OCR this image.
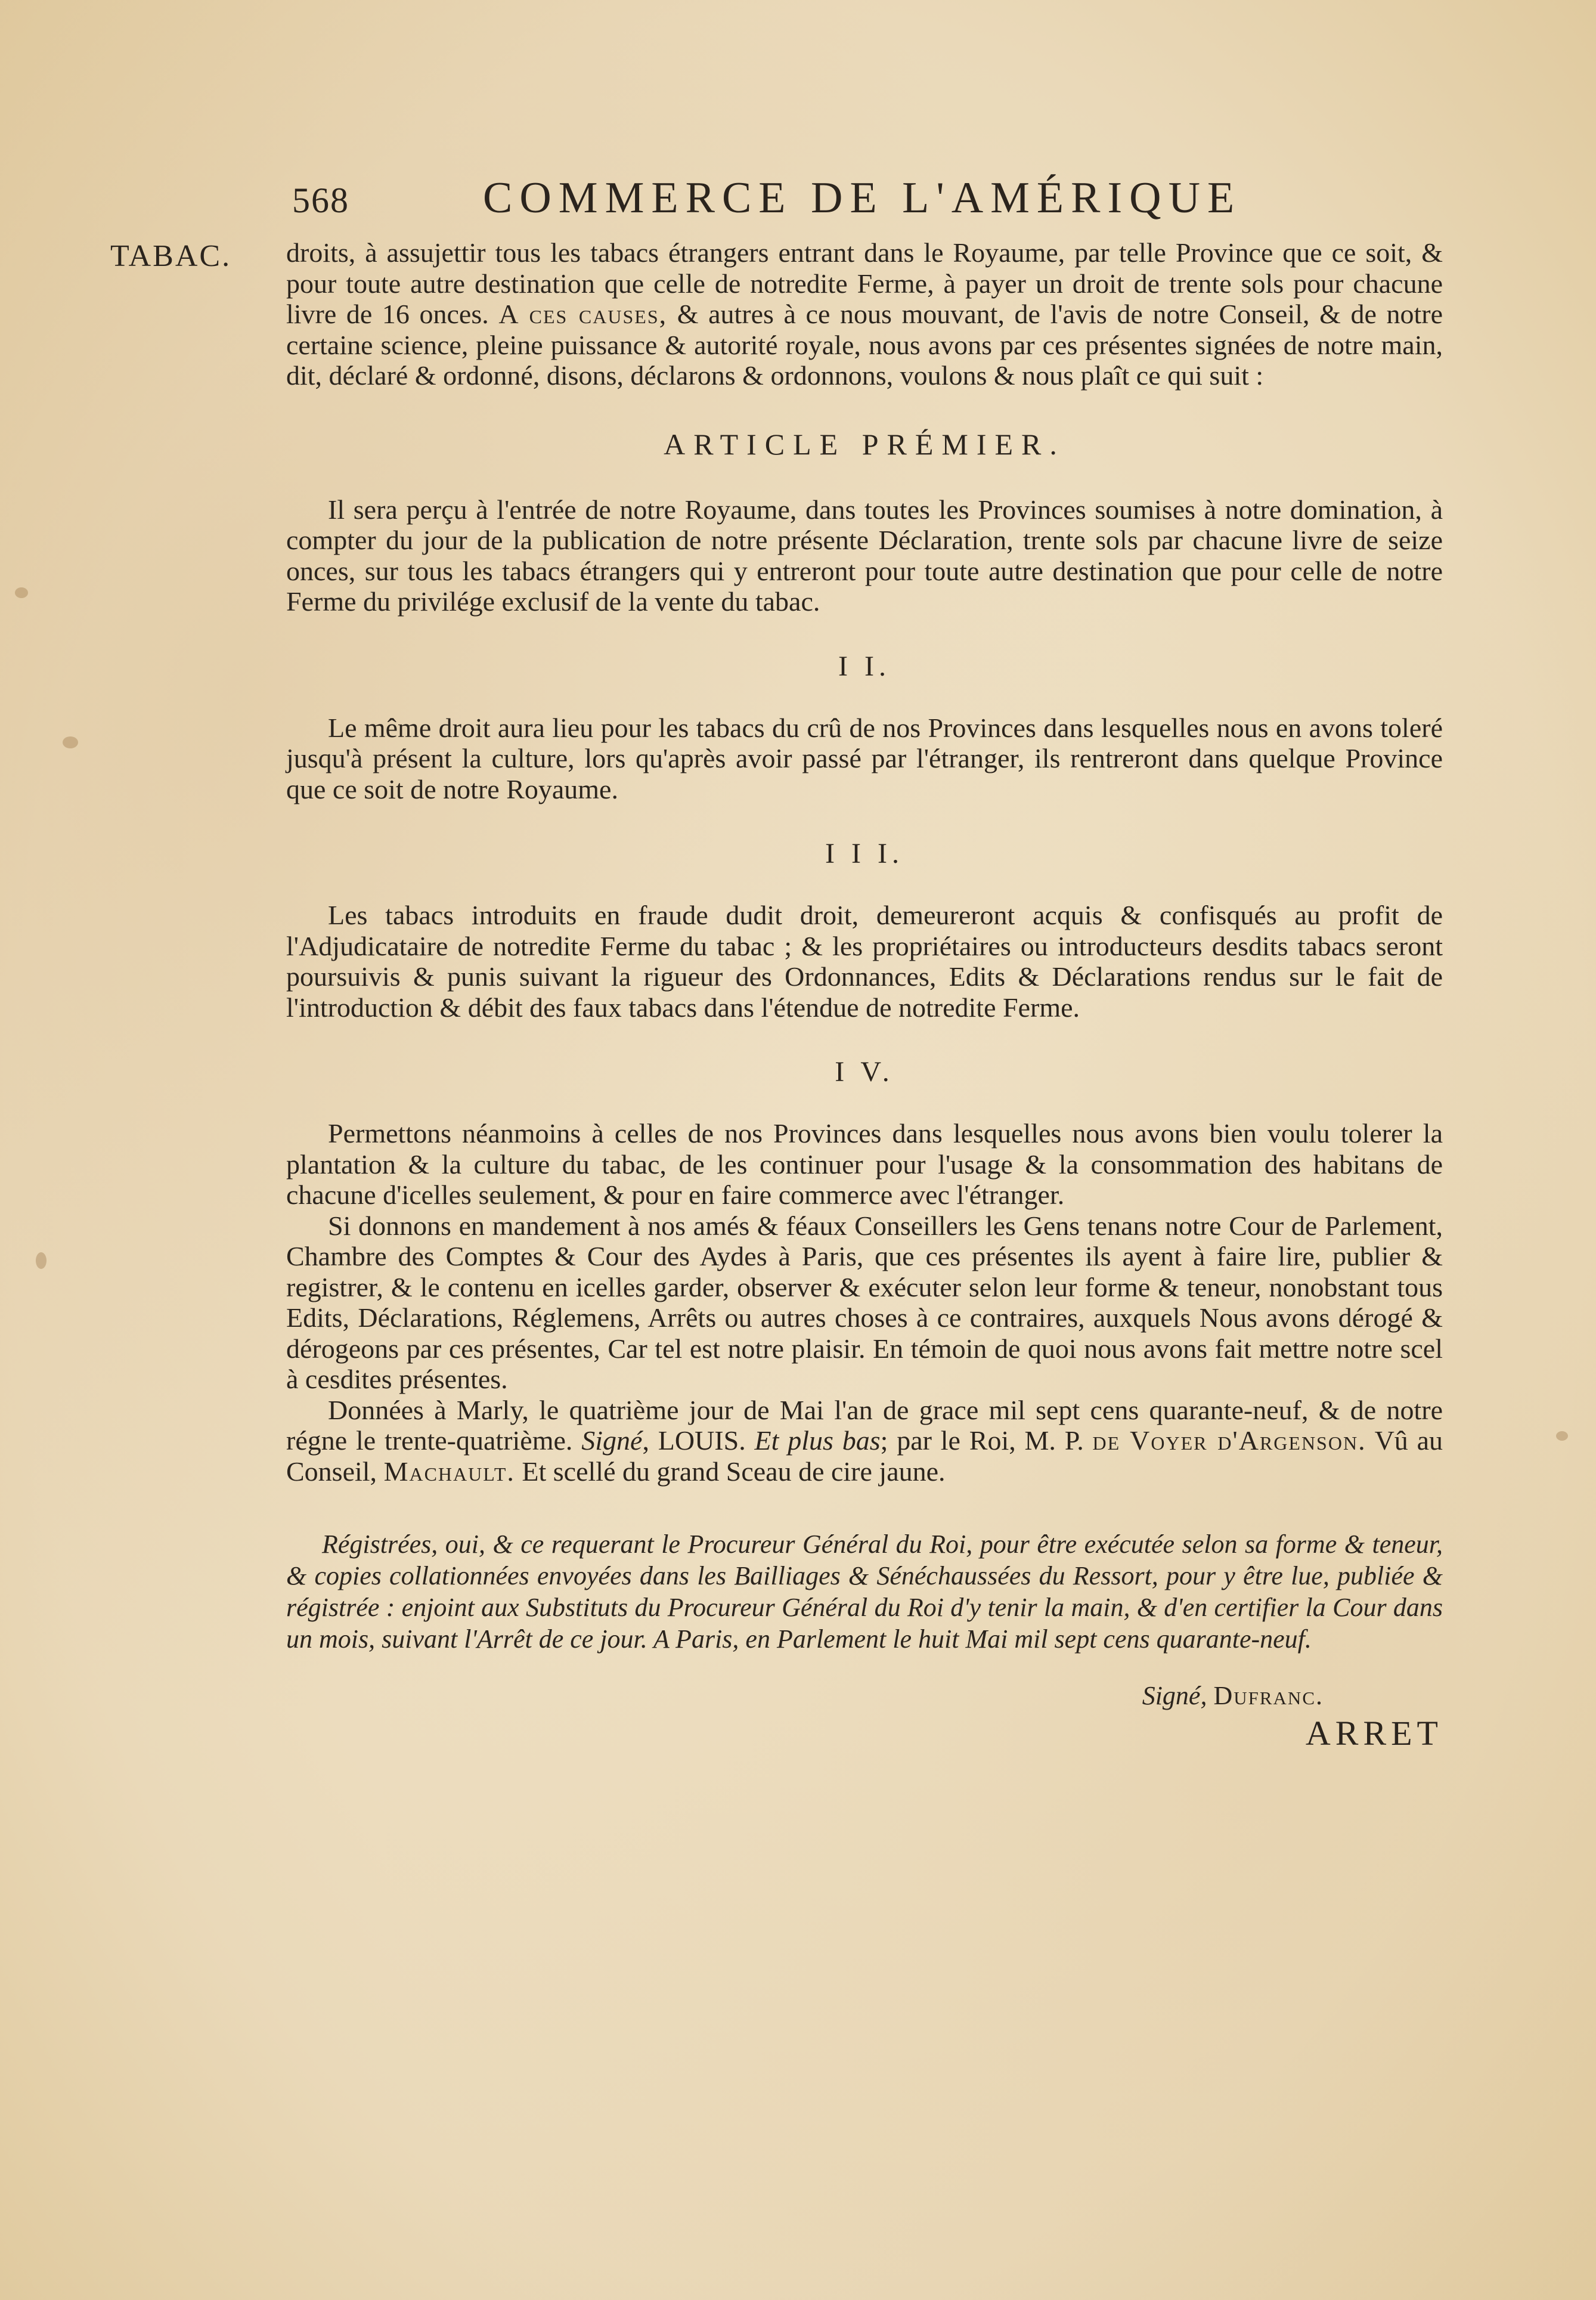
568	COMMERCE DE L'AMÉRIQUE
TABAC. droits, à assujettir tous les tabacs étrangers entrant dans le Royaume, par telle Province que ce soit, & pour toute autre destination que celle de notredite Ferme, à payer un droit de trente sols pour chacune livre de 16 onces. A ces causes, & autres à ce nous mouvant, de l'avis de notre Conseil, & de notre certaine science, pleine puissance & autorité royale, nous avons par ces présentes signées de notre main, dit, déclaré & ordonné, disons, déclarons & ordonnons, voulons & nous plaît ce qui suit :

ARTICLE PRÉMIER.

Il sera perçu à l'entrée de notre Royaume, dans toutes les Provinces soumises à notre domination, à compter du jour de la publication de notre présente Déclaration, trente sols par chacune livre de seize onces, sur tous les tabacs étrangers qui y entreront pour toute autre destination que pour celle de notre Ferme du privilége exclusif de la vente du tabac.

I I.

Le même droit aura lieu pour les tabacs du crû de nos Provinces dans lesquelles nous en avons toleré jusqu'à présent la culture, lors qu'après avoir passé par l'étranger, ils rentreront dans quelque Province que ce soit de notre Royaume.

I I I.

Les tabacs introduits en fraude dudit droit, demeureront acquis & confisqués au profit de l'Adjudicataire de notredite Ferme du tabac ; & les propriétaires ou introducteurs desdits tabacs seront poursuivis & punis suivant la rigueur des Ordonnances, Edits & Déclarations rendus sur le fait de l'introduction & débit des faux tabacs dans l'étendue de notredite Ferme.

I V.

Permettons néanmoins à celles de nos Provinces dans lesquelles nous avons bien voulu tolerer la plantation & la culture du tabac, de les continuer pour l'usage & la consommation des habitans de chacune d'icelles seulement, & pour en faire commerce avec l'étranger.

Si donnons en mandement à nos amés & féaux Conseillers les Gens tenans notre Cour de Parlement, Chambre des Comptes & Cour des Aydes à Paris, que ces présentes ils ayent à faire lire, publier & registrer, & le contenu en icelles garder, observer & exécuter selon leur forme & teneur, nonobstant tous Edits, Déclarations, Réglemens, Arrêts ou autres choses à ce contraires, auxquels Nous avons dérogé & dérogeons par ces présentes, Car tel est notre plaisir. En témoin de quoi nous avons fait mettre notre scel à cesdites présentes.

Données à Marly, le quatrième jour de Mai l'an de grace mil sept cens quarante-neuf, & de notre régne le trente-quatrième. Signé, LOUIS. Et plus bas; par le Roi, M. P. de Voyer d'Argenson. Vû au Conseil, Machault. Et scellé du grand Sceau de cire jaune.

Régistrées, oui, & ce requerant le Procureur Général du Roi, pour être exécutée selon sa forme & teneur, & copies collationnées envoyées dans les Bailliages & Sénéchaussées du Ressort, pour y être lue, publiée & régistrée : enjoint aux Substituts du Procureur Général du Roi d'y tenir la main, & d'en certifier la Cour dans un mois, suivant l'Arrêt de ce jour. A Paris, en Parlement le huit Mai mil sept cens quarante-neuf.

Signé, Dufranc.
ARRET
